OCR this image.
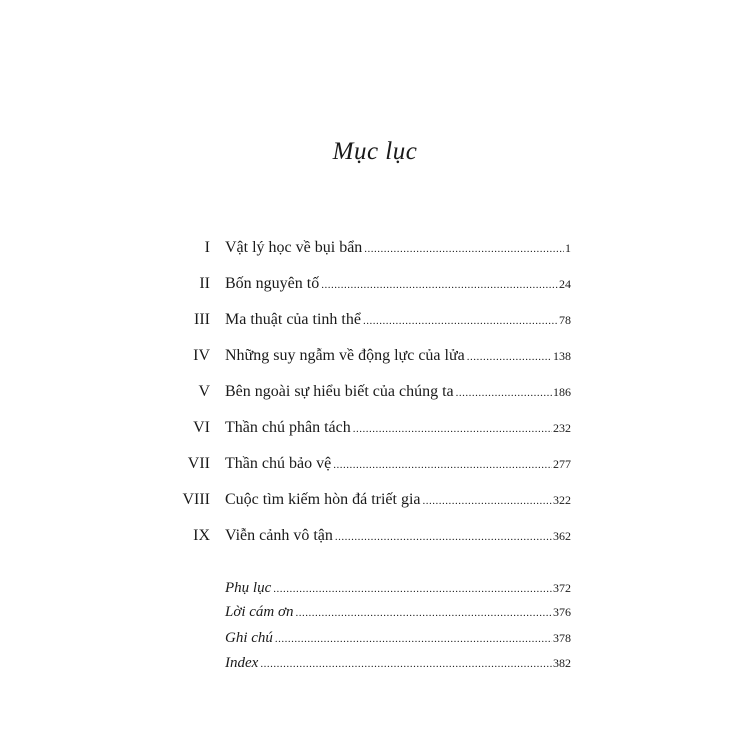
Mục lục
I Vật lý học về bụi bẩn .....	1
II Bốn nguyên tố .....	24
III Ma thuật của tinh thể .....	78
IV Những suy ngẫm về động lực của lửa .....	138
V Bên ngoài sự hiểu biết của chúng ta .....	186
VI Thần chú phân tách .....	232
VII Thần chú bảo vệ .....	277
VIII Cuộc tìm kiếm hòn đá triết gia .....	322
IX Viễn cảnh vô tận .....	362
Phụ lục .....	372
Lời cám ơn .....	376
Ghi chú .....	378
Index .....	382
